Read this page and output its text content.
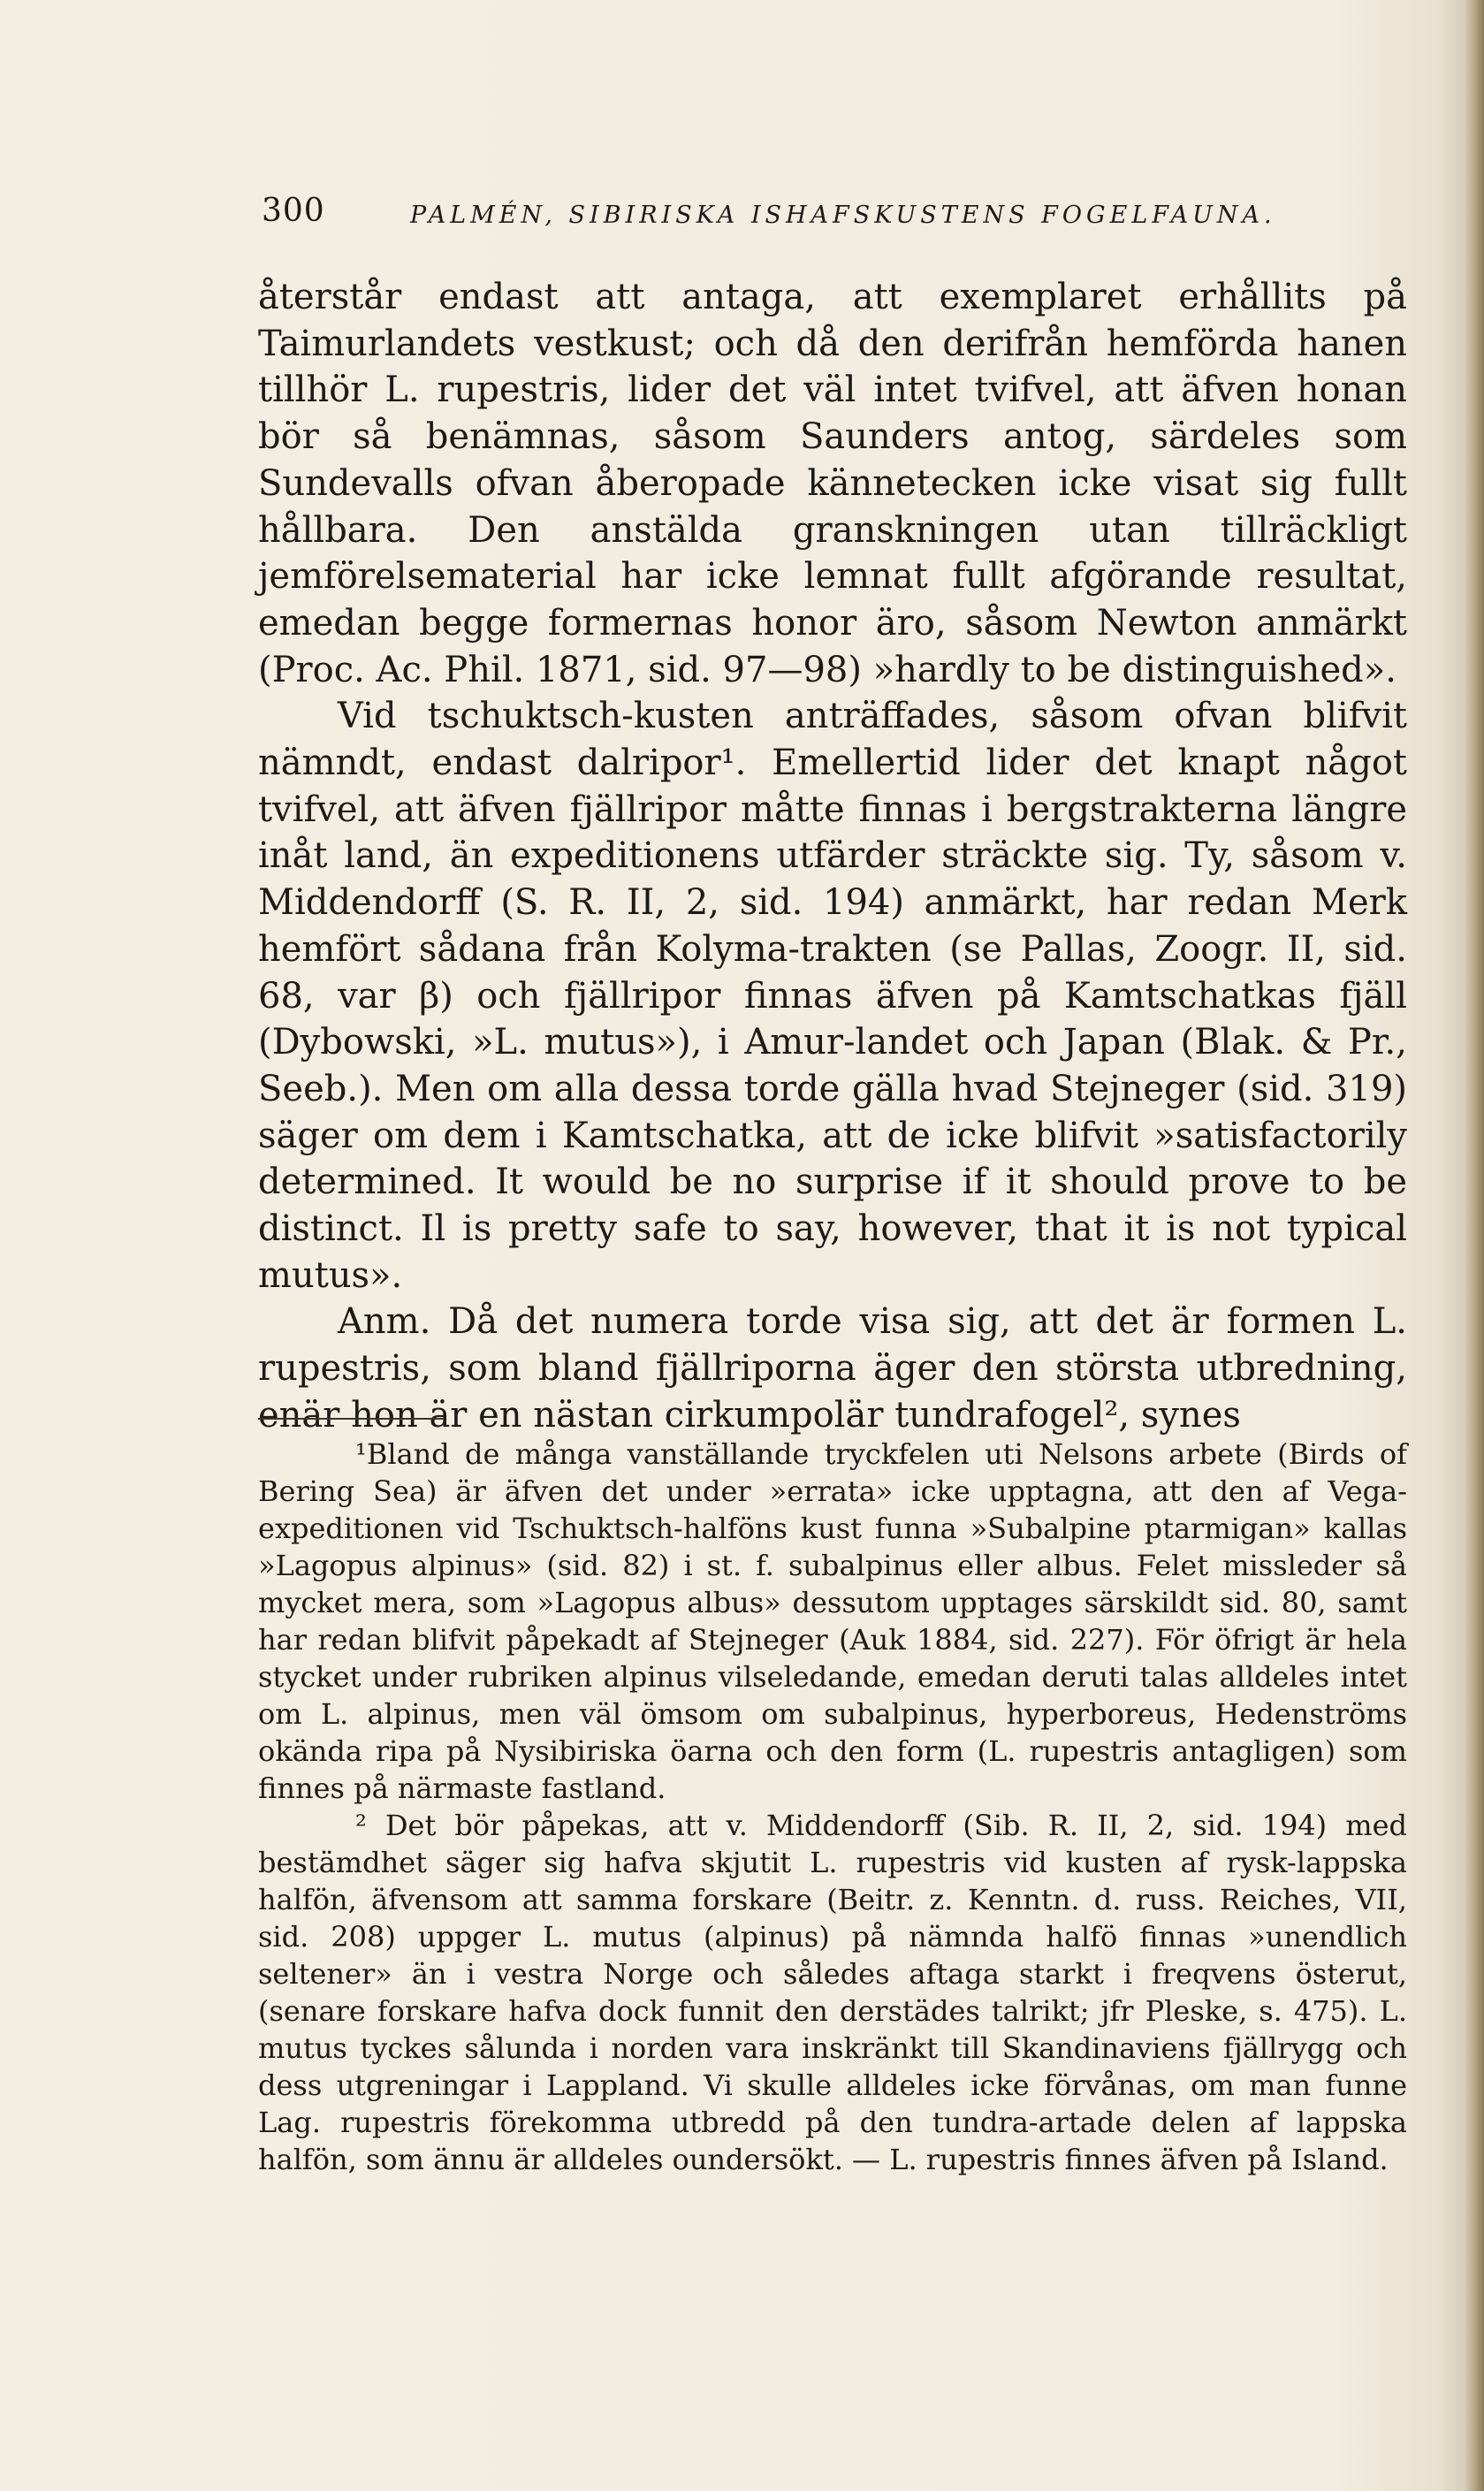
300	PALMÉN, SIBIRISKA ISHAFSKUSTENS FOGELFAUNA.

återstår endast att antaga, att exemplaret erhållits på Taimurlandets vestkust; och då den derifrån hemförda hanen tillhör L. rupestris, lider det väl intet tvifvel, att äfven honan bör så benämnas, såsom Saunders antog, särdeles som Sundevalls ofvan åberopade kännetecken icke visat sig fullt hållbara. Den anstälda granskningen utan tillräckligt jemförelsematerial har icke lemnat fullt afgörande resultat, emedan begge formernas honor äro, såsom Newton anmärkt (Proc. Ac. Phil. 1871, sid. 97—98) »hardly to be distinguished».

Vid tschuktsch-kusten anträffades, såsom ofvan blifvit nämndt, endast dalripor¹. Emellertid lider det knapt något tvifvel, att äfven fjällripor måtte finnas i bergstrakterna längre inåt land, än expeditionens utfärder sträckte sig. Ty, såsom v. Middendorff (S. R. II, 2, sid. 194) anmärkt, har redan Merk hemfört sådana från Kolyma-trakten (se Pallas, Zoogr. II, sid. 68, var β) och fjällripor finnas äfven på Kamtschatkas fjäll (Dybowski, »L. mutus»), i Amur-landet och Japan (Blak. & Pr., Seeb.). Men om alla dessa torde gälla hvad Stejneger (sid. 319) säger om dem i Kamtschatka, att de icke blifvit »satisfactorily determined. It would be no surprise if it should prove to be distinct. Il is pretty safe to say, however, that it is not typical mutus».

Anm. Då det numera torde visa sig, att det är formen L. rupestris, som bland fjällriporna äger den största utbredning, enär hon är en nästan cirkumpolär tundrafogel², synes

¹Bland de många vanställande tryckfelen uti Nelsons arbete (Birds of Bering Sea) är äfven det under »errata» icke upptagna, att den af Vega-expeditionen vid Tschuktsch-halföns kust funna »Subalpine ptarmigan» kallas »Lagopus alpinus» (sid. 82) i st. f. subalpinus eller albus. Felet missleder så mycket mera, som »Lagopus albus» dessutom upptages särskildt sid. 80, samt har redan blifvit påpekadt af Stejneger (Auk 1884, sid. 227). För öfrigt är hela stycket under rubriken alpinus vilseledande, emedan deruti talas alldeles intet om L. alpinus, men väl ömsom om subalpinus, hyperboreus, Hedenströms okända ripa på Nysibiriska öarna och den form (L. rupestris antagligen) som finnes på närmaste fastland.

² Det bör påpekas, att v. Middendorff (Sib. R. II, 2, sid. 194) med bestämdhet säger sig hafva skjutit L. rupestris vid kusten af rysk-lappska halfön, äfvensom att samma forskare (Beitr. z. Kenntn. d. russ. Reiches, VII, sid. 208) uppger L. mutus (alpinus) på nämnda halfö finnas »unendlich seltener» än i vestra Norge och således aftaga starkt i freqvens österut, (senare forskare hafva dock funnit den derstädes talrikt; jfr Pleske, s. 475). L. mutus tyckes sålunda i norden vara inskränkt till Skandinaviens fjällrygg och dess utgreningar i Lappland. Vi skulle alldeles icke förvånas, om man funne Lag. rupestris förekomma utbredd på den tundra-artade delen af lappska halfön, som ännu är alldeles oundersökt. — L. rupestris finnes äfven på Island.
